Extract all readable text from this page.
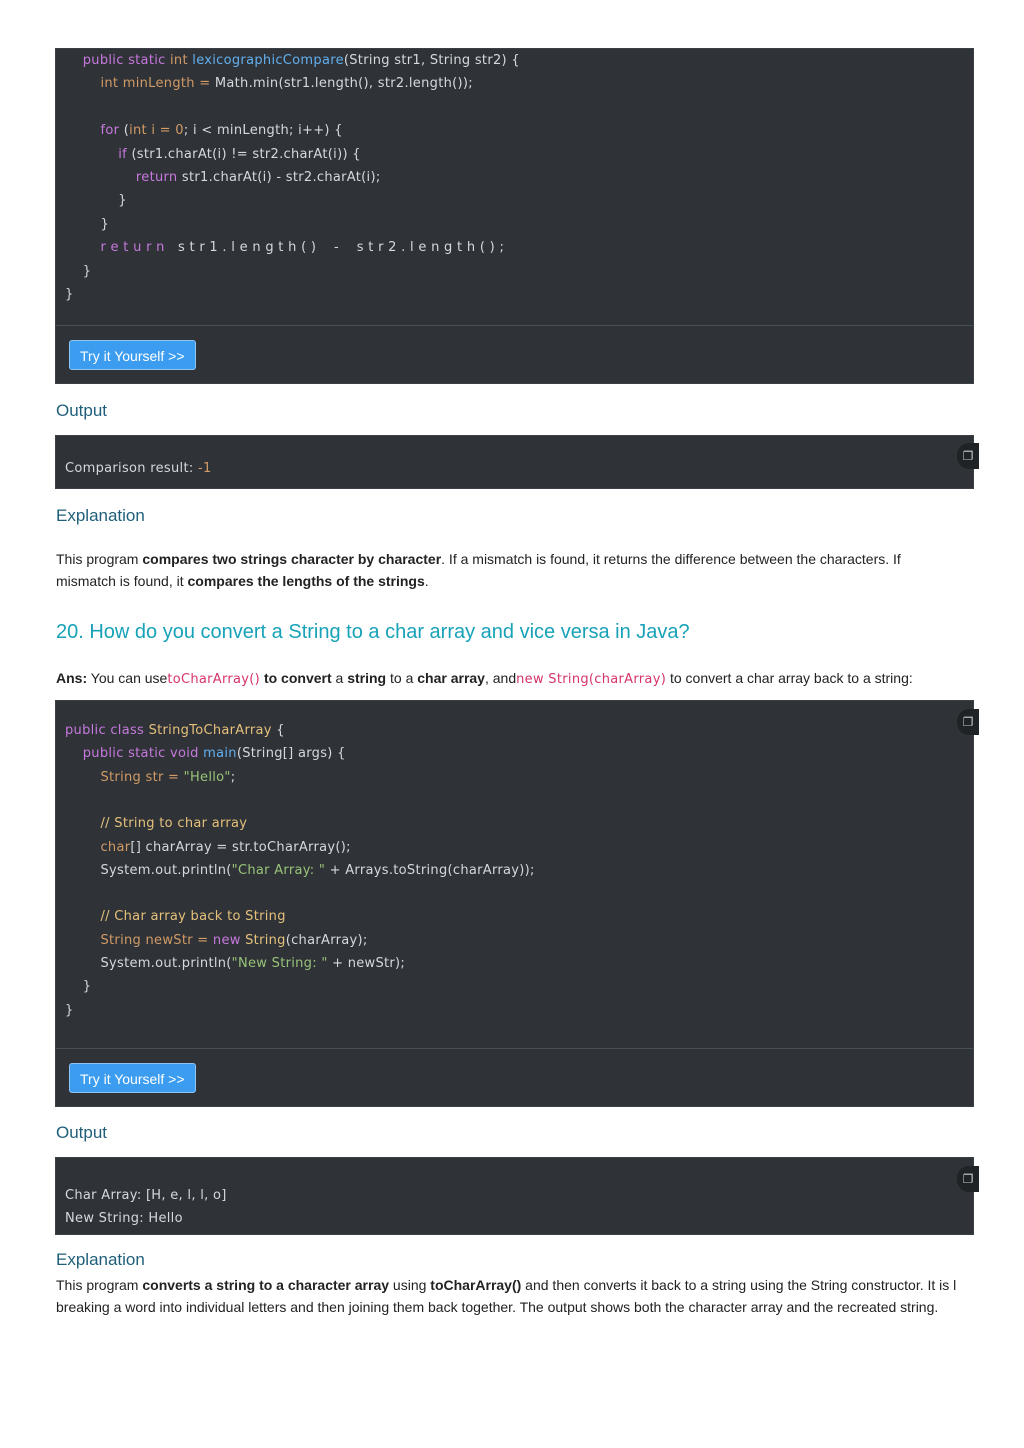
public static int lexicographicCompare(String str1, String str2) {
int minLength = Math.min(str1.length(), str2.length());
for (int i = 0; i < minLength; i++) {
if (str1.charAt(i) != str2.charAt(i)) {
return str1.charAt(i) - str2.charAt(i);
}
}
r e t u r n   s t r 1 . l e n g t h ( )    -    s t r 2 . l e n g t h ( ) ;
}
}
Try it Yourself >>
Output
❐
Comparison result: -1
Explanation
This program compares two strings character by character. If a mismatch is found, it returns the difference between the characters. If
mismatch is found, it compares the lengths of the strings.
20. How do you convert a String to a char array and vice versa in Java?
Ans: You can usetoCharArray() to convert a string to a char array, andnew String(charArray) to convert a char array back to a string:
❐
public class StringToCharArray {
public static void main(String[] args) {
String str = "Hello";
// String to char array
char[] charArray = str.toCharArray();
System.out.println("Char Array: " + Arrays.toString(charArray));
// Char array back to String
String newStr = new String(charArray);
System.out.println("New String: " + newStr);
}
}
Try it Yourself >>
Output
❐
Char Array: [H, e, l, l, o]
New String: Hello
Explanation
This program converts a string to a character array using toCharArray() and then converts it back to a string using the String constructor. It is l
breaking a word into individual letters and then joining them back together. The output shows both the character array and the recreated string.
